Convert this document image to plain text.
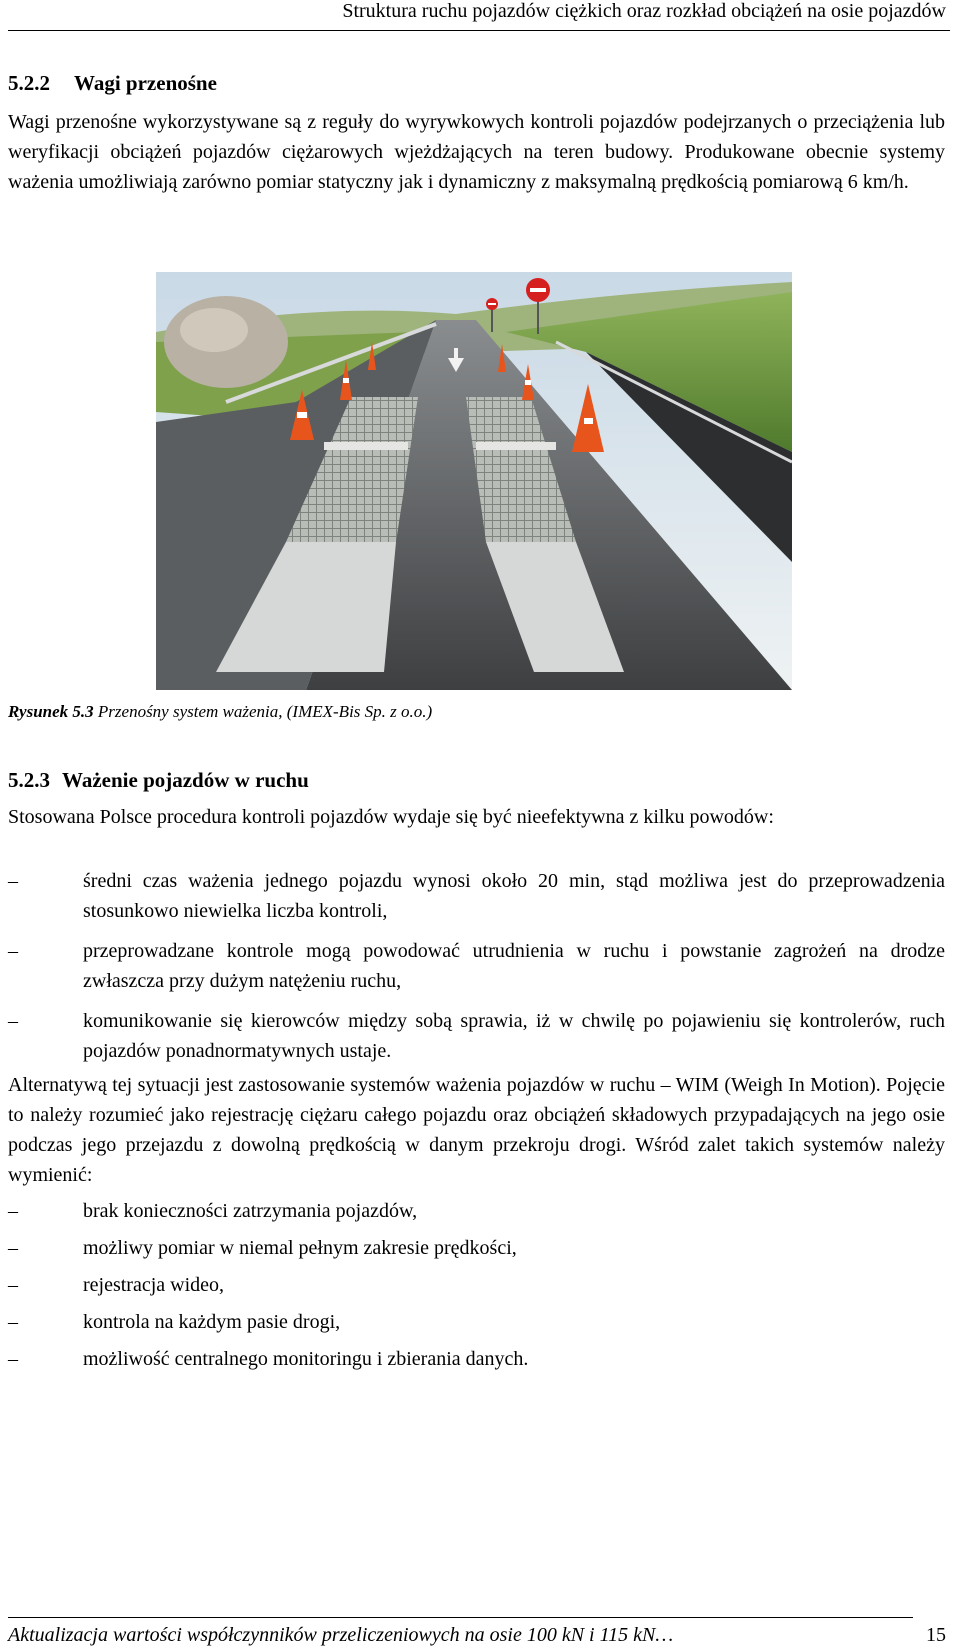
Struktura ruchu pojazdów ciężkich oraz rozkład obciążeń na osie pojazdów
5.2.2 Wagi przenośne
Wagi przenośne wykorzystywane są z reguły do wyrywkowych kontroli pojazdów podejrzanych o przeciążenia lub weryfikacji obciążeń pojazdów ciężarowych wjeżdżających na teren budowy. Produkowane obecnie systemy ważenia umożliwiają zarówno pomiar statyczny jak i dynamiczny z maksymalną prędkością pomiarową 6 km/h.
Rysunek 5.3 Przenośny system ważenia, (IMEX-Bis Sp. z o.o.)
5.2.3 Ważenie pojazdów w ruchu
Stosowana Polsce procedura kontroli pojazdów wydaje się być nieefektywna z kilku powodów:
–	średni czas ważenia jednego pojazdu wynosi około 20 min, stąd możliwa jest do przeprowadzenia stosunkowo niewielka liczba kontroli,
–	przeprowadzane kontrole mogą powodować utrudnienia w ruchu i powstanie zagrożeń na drodze zwłaszcza przy dużym natężeniu ruchu,
–	komunikowanie się kierowców między sobą sprawia, iż w chwilę po pojawieniu się kontrolerów, ruch pojazdów ponadnormatywnych ustaje.
Alternatywą tej sytuacji jest zastosowanie systemów ważenia pojazdów w ruchu – WIM (Weigh In Motion). Pojęcie to należy rozumieć jako rejestrację ciężaru całego pojazdu oraz obciążeń składowych przypadających na jego osie podczas jego przejazdu z dowolną prędkością w danym przekroju drogi. Wśród zalet takich systemów należy wymienić:
–	brak konieczności zatrzymania pojazdów,
–	możliwy pomiar w niemal pełnym zakresie prędkości,
–	rejestracja wideo,
–	kontrola na każdym pasie drogi,
–	możliwość centralnego monitoringu i zbierania danych.
Aktualizacja wartości współczynników przeliczeniowych na osie 100 kN i 115 kN…	15
